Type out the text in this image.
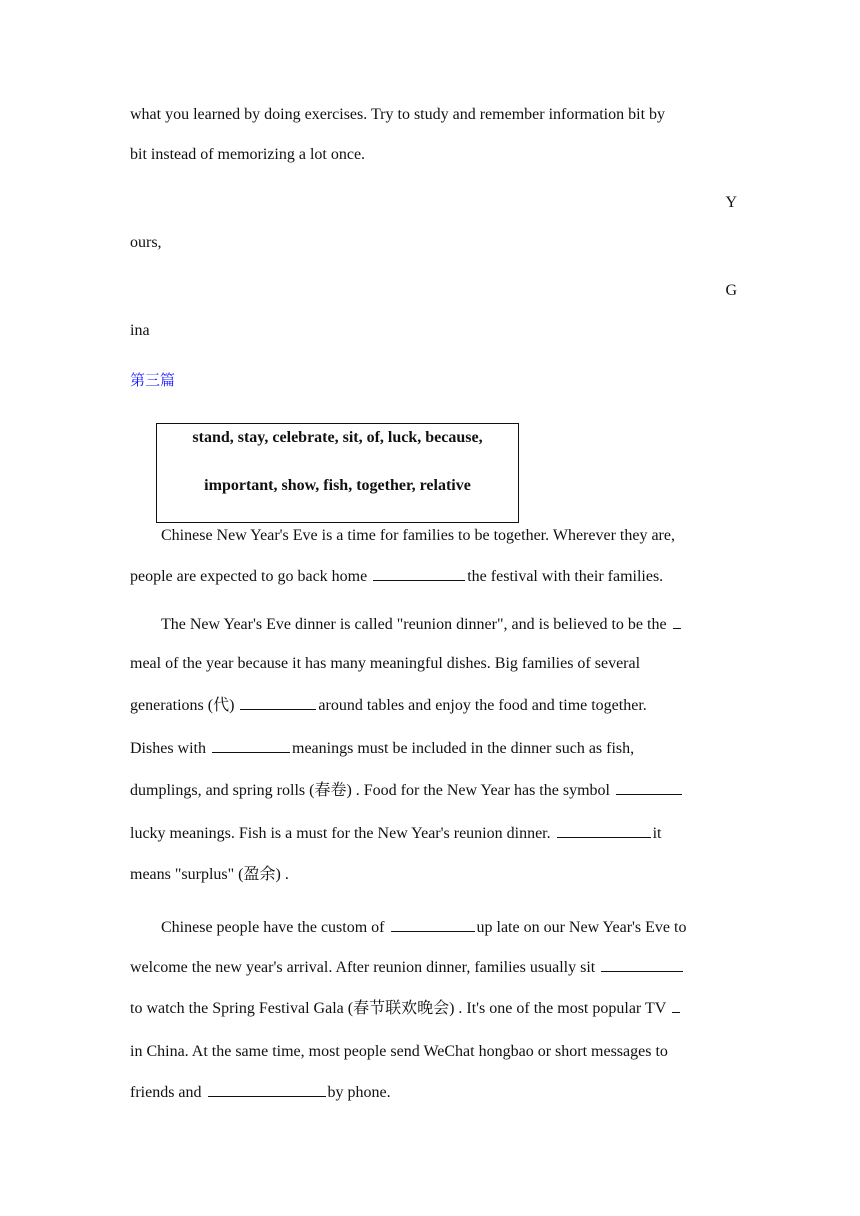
what you learned by doing exercises. Try to study and remember information bit by
bit instead of memorizing a lot once.
Y
ours,
G
ina
第三篇
stand, stay, celebrate, sit, of, luck, because,
important, show, fish, together, relative
Chinese New Year's Eve is a time for families to be together. Wherever they are,
people are expected to go back home	the festival with their families.
The New Year's Eve dinner is called "reunion dinner", and is believed to be the
meal of the year because it has many meaningful dishes. Big families of several
generations (代)	around tables and enjoy the food and time together.
Dishes with	meanings must be included in the dinner such as fish,
dumplings, and spring rolls (春卷) . Food for the New Year has the symbol
lucky meanings. Fish is a must for the New Year's reunion dinner.	it
means "surplus" (盈余) .
Chinese people have the custom of	up late on our New Year's Eve to
welcome the new year's arrival. After reunion dinner, families usually sit
to watch the Spring Festival Gala (春节联欢晚会) . It's one of the most popular TV
in China. At the same time, most people send WeChat hongbao or short messages to
friends and	by phone.
